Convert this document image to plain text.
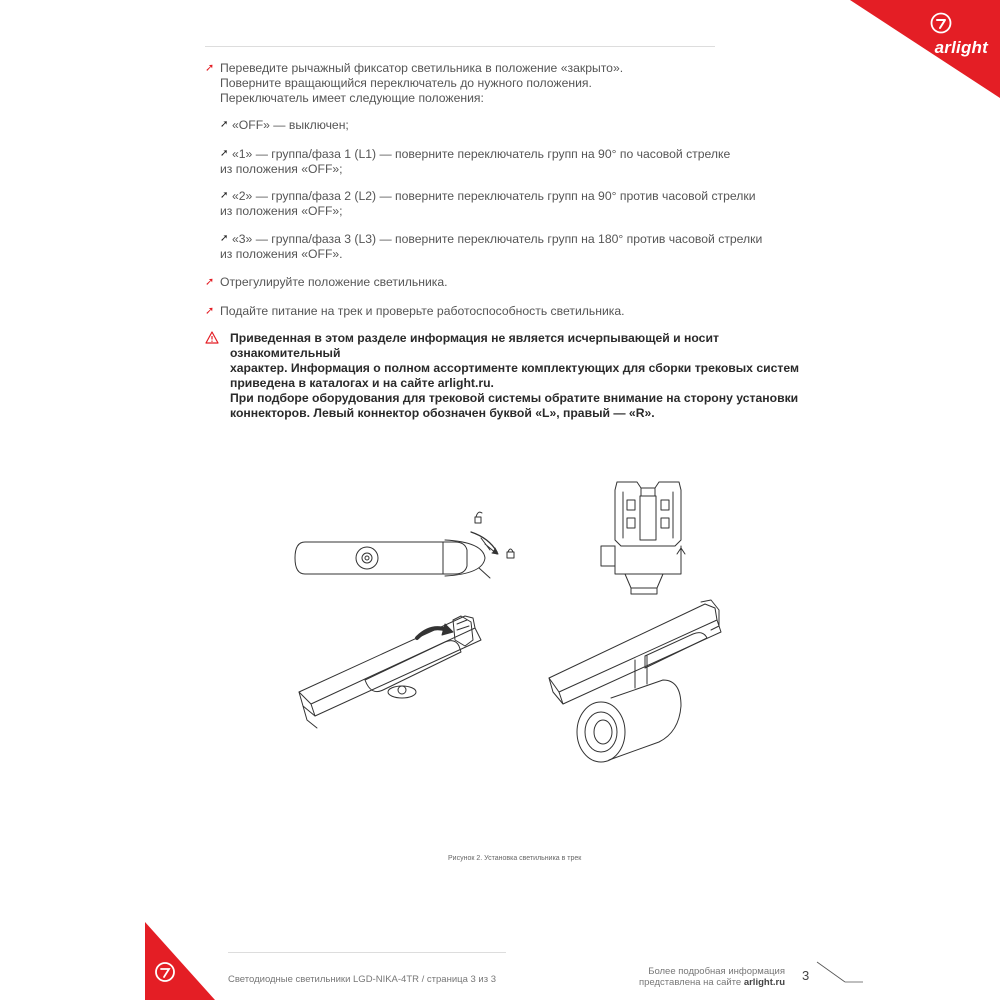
arlight
➚ Переведите рычажный фиксатор светильника в положение «закрыто».
Поверните вращающийся переключатель до нужного положения.
Переключатель имеет следующие положения:
➚ «OFF» — выключен;
➚ «1» — группа/фаза 1 (L1) — поверните переключатель групп на 90° по часовой стрелке
из положения «OFF»;
➚ «2» — группа/фаза 2 (L2) — поверните переключатель групп на 90° против часовой стрелки
из положения «OFF»;
➚ «3» — группа/фаза 3 (L3) — поверните переключатель групп на 180° против часовой стрелки
из положения «OFF».
➚ Отрегулируйте положение светильника.
➚ Подайте питание на трек и проверьте работоспособность светильника.
Приведенная в этом разделе информация не является исчерпывающей и носит ознакомительный
характер. Информация о полном ассортименте комплектующих для сборки трековых систем
приведена в каталогах и на сайте arlight.ru.
При подборе оборудования для трековой системы обратите внимание на сторону установки
коннекторов. Левый коннектор обозначен буквой «L», правый — «R».
Рисунок 2. Установка светильника в трек
Светодиодные светильники LGD-NIKA-4TR / страница 3 из 3
Более подробная информация
представлена на сайте arlight.ru 3
